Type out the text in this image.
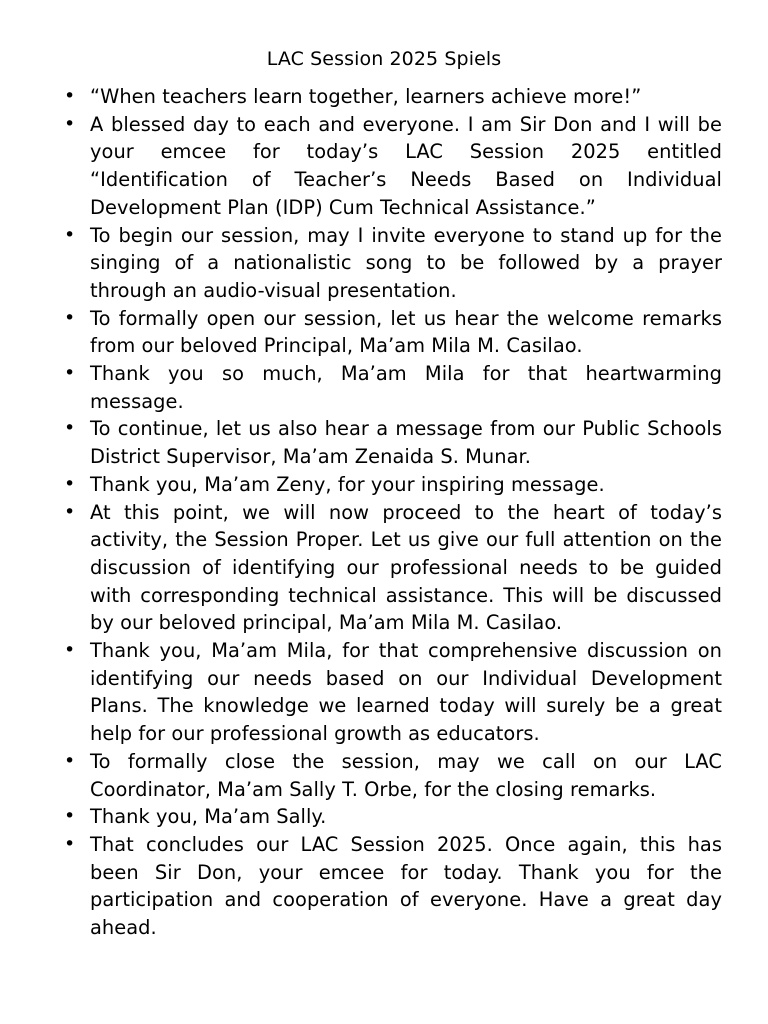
LAC Session 2025 Spiels
• “When teachers learn together, learners achieve more!”
• A blessed day to each and everyone. I am Sir Don and I will be your emcee for today’s LAC Session 2025 entitled “Identification of Teacher’s Needs Based on Individual Development Plan (IDP) Cum Technical Assistance.”
• To begin our session, may I invite everyone to stand up for the singing of a nationalistic song to be followed by a prayer through an audio-visual presentation.
• To formally open our session, let us hear the welcome remarks from our beloved Principal, Ma’am Mila M. Casilao.
• Thank you so much, Ma’am Mila for that heartwarming message.
• To continue, let us also hear a message from our Public Schools District Supervisor, Ma’am Zenaida S. Munar.
• Thank you, Ma’am Zeny, for your inspiring message.
• At this point, we will now proceed to the heart of today’s activity, the Session Proper. Let us give our full attention on the discussion of identifying our professional needs to be guided with corresponding technical assistance. This will be discussed by our beloved principal, Ma’am Mila M. Casilao.
• Thank you, Ma’am Mila, for that comprehensive discussion on identifying our needs based on our Individual Development Plans. The knowledge we learned today will surely be a great help for our professional growth as educators.
• To formally close the session, may we call on our LAC Coordinator, Ma’am Sally T. Orbe, for the closing remarks.
• Thank you, Ma’am Sally.
• That concludes our LAC Session 2025. Once again, this has been Sir Don, your emcee for today. Thank you for the participation and cooperation of everyone. Have a great day ahead.
